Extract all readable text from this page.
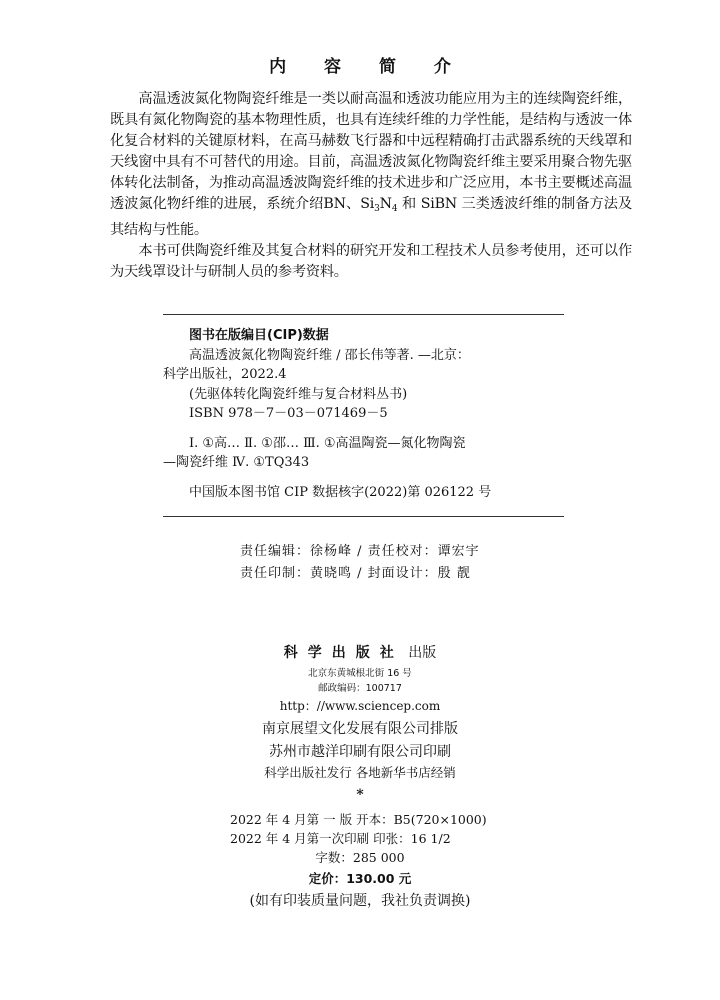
内 容 简 介

高温透波氮化物陶瓷纤维是一类以耐高温和透波功能应用为主的连续陶瓷纤维，既具有氮化物陶瓷的基本物理性质，也具有连续纤维的力学性能，是结构与透波一体化复合材料的关键原材料，在高马赫数飞行器和中远程精确打击武器系统的天线罩和天线窗中具有不可替代的用途。目前，高温透波氮化物陶瓷纤维主要采用聚合物先驱体转化法制备，为推动高温透波陶瓷纤维的技术进步和广泛应用，本书主要概述高温透波氮化物纤维的进展，系统介绍BN、$Si_3N_4$ 和 SiBN 三类透波纤维的制备方法及其结构与性能。

本书可供陶瓷纤维及其复合材料的研究开发和工程技术人员参考使用，还可以作为天线罩设计与研制人员的参考资料。

图书在版编目(CIP)数据
高温透波氮化物陶瓷纤维 / 邵长伟等著. —北京：
科学出版社，2022.4
(先驱体转化陶瓷纤维与复合材料丛书)
ISBN 978－7－03－071469－5
Ⅰ. ①高… Ⅱ. ①邵… Ⅲ. ①高温陶瓷—氮化物陶瓷
—陶瓷纤维 Ⅳ. ①TQ343
中国版本图书馆 CIP 数据核字(2022)第 026122 号
责任编辑：徐杨峰 / 责任校对：谭宏宇
责任印制：黄晓鸣 / 封面设计：殷 靓
科学出版社 出版
北京东黄城根北街 16 号
邮政编码：100717
http：//www.sciencep.com
南京展望文化发展有限公司排版
苏州市越洋印刷有限公司印刷
科学出版社发行 各地新华书店经销
*
2022 年 4 月第 一 版 开本：B5(720×1000)
2022 年 4 月第一次印刷 印张：16 1/2
字数：285 000
定价：130.00 元
(如有印装质量问题，我社负责调换)
